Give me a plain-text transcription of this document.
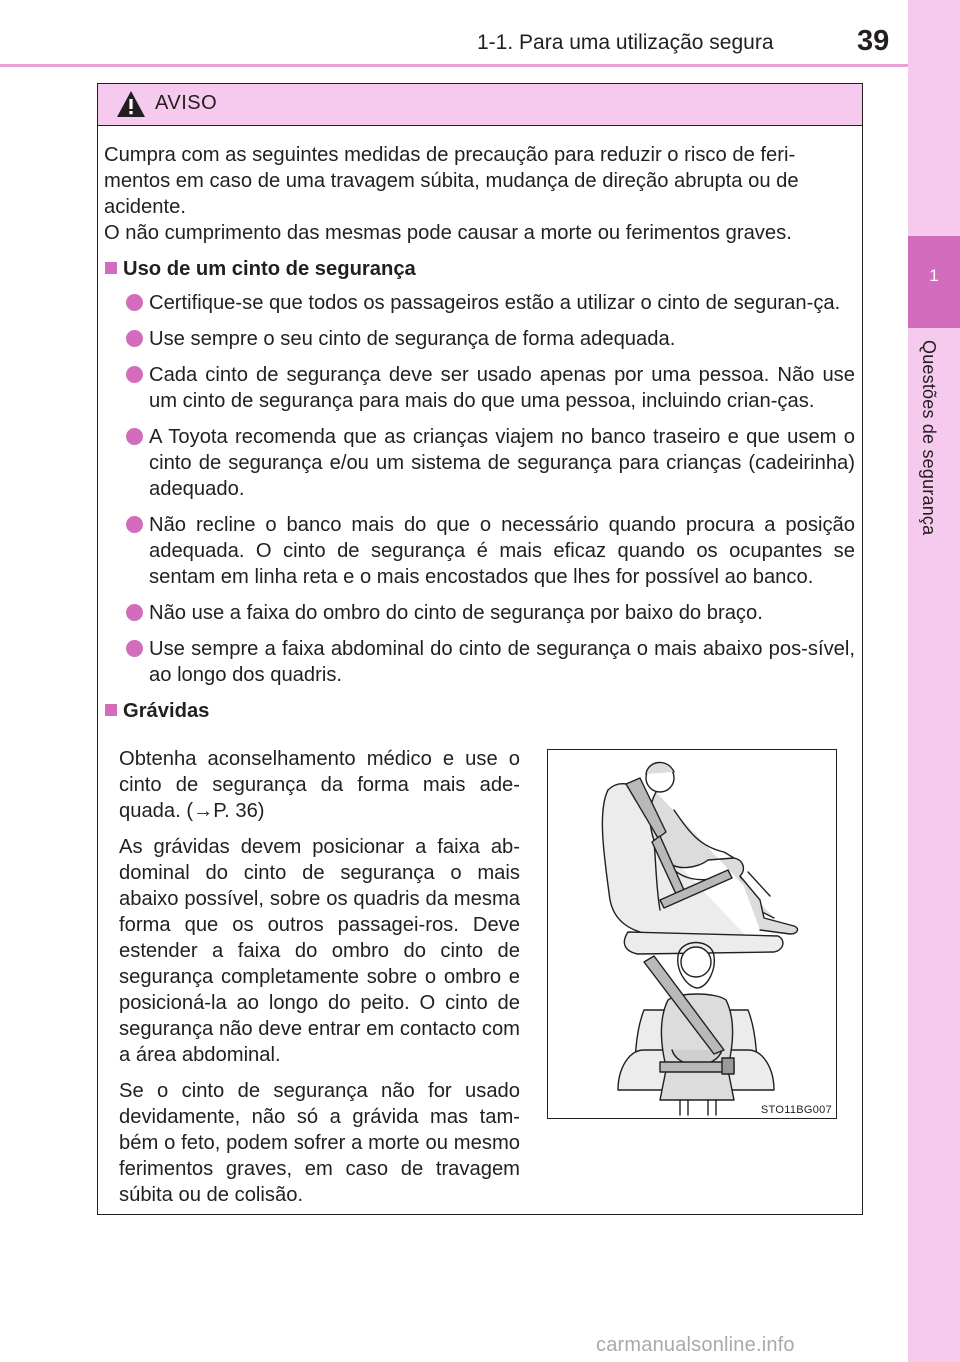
1
Questões de segurança
1-1. Para uma utilização segura	39
AVISO

Cumpra com as seguintes medidas de precaução para reduzir o risco de feri-

mentos em caso de uma travagem súbita, mudança de direção abrupta ou de

acidente.

O não cumprimento das mesmas pode causar a morte ou ferimentos graves.

Uso de um cinto de segurança
Certifique-se que todos os passageiros estão a utilizar o cinto de seguran-ça.
Use sempre o seu cinto de segurança de forma adequada.
Cada cinto de segurança deve ser usado apenas por uma pessoa. Não use um cinto de segurança para mais do que uma pessoa, incluindo crian-ças.
A Toyota recomenda que as crianças viajem no banco traseiro e que usem o cinto de segurança e/ou um sistema de segurança para crianças (cadeirinha) adequado.
Não recline o banco mais do que o necessário quando procura a posição adequada. O cinto de segurança é mais eficaz quando os ocupantes se sentam em linha reta e o mais encostados que lhes for possível ao banco.
Não use a faixa do ombro do cinto de segurança por baixo do braço.
Use sempre a faixa abdominal do cinto de segurança o mais abaixo pos-sível, ao longo dos quadris.
Grávidas

Obtenha aconselhamento médico e use o cinto de segurança da forma mais ade-quada. (→P. 36)

As grávidas devem posicionar a faixa ab-dominal do cinto de segurança o mais abaixo possível, sobre os quadris da mesma forma que os outros passagei-ros. Deve estender a faixa do ombro do cinto de segurança completamente sobre o ombro e posicioná-la ao longo do peito. O cinto de segurança não deve entrar em contacto com a área abdominal.

Se o cinto de segurança não for usado devidamente, não só a grávida mas tam-bém o feto, podem sofrer a morte ou mesmo ferimentos graves, em caso de travagem súbita ou de colisão.

STO11BG007
carmanualsonline.info
